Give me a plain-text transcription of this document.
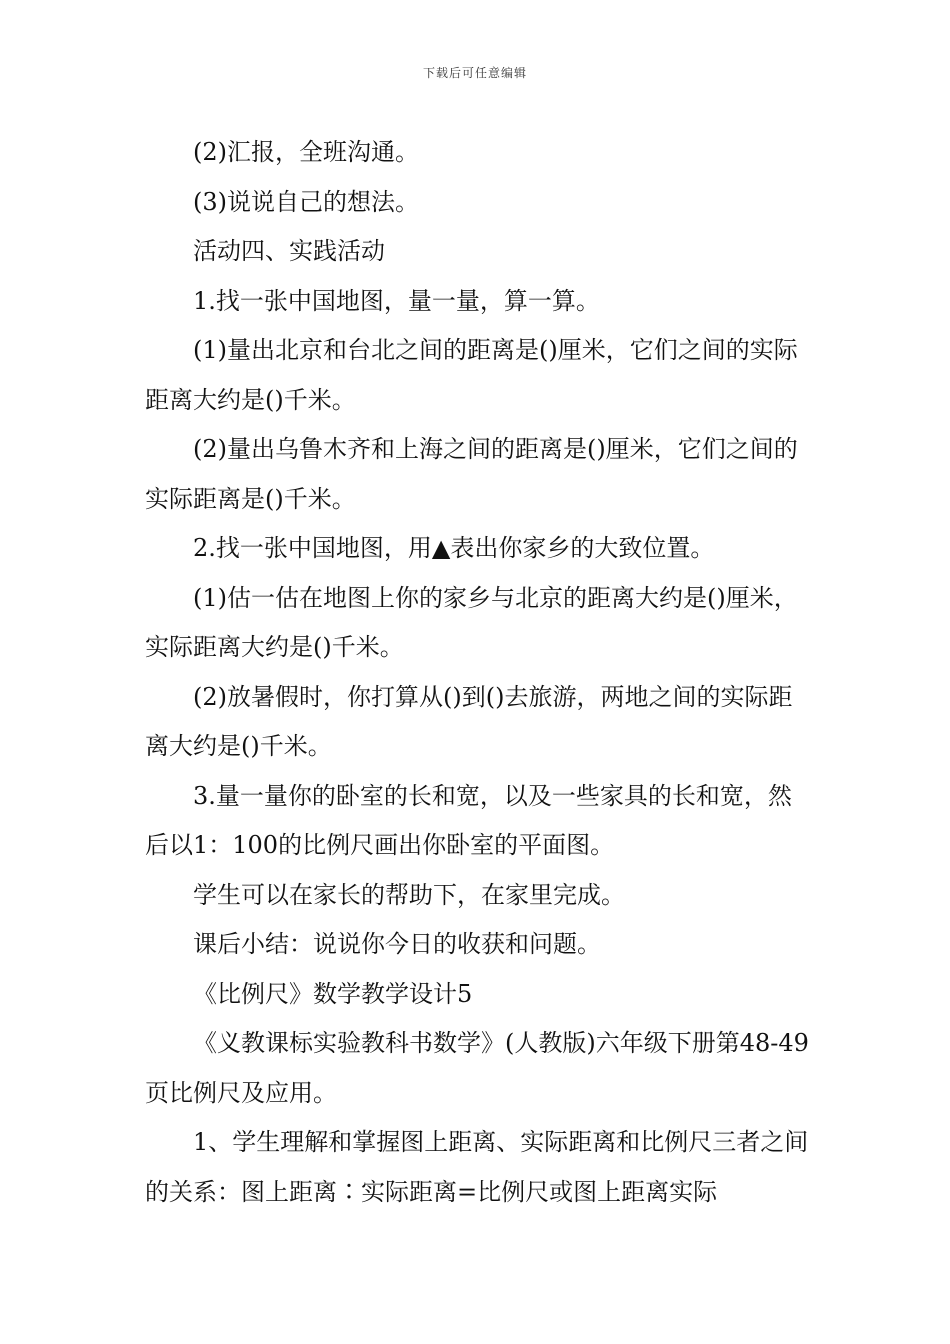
下载后可任意编辑

(2)汇报，全班沟通。

(3)说说自己的想法。

活动四、实践活动

1.找一张中国地图，量一量，算一算。

(1)量出北京和台北之间的距离是()厘米，它们之间的实际距离大约是()千米。

(2)量出乌鲁木齐和上海之间的距离是()厘米，它们之间的实际距离是()千米。

2.找一张中国地图，用▲表出你家乡的大致位置。

(1)估一估在地图上你的家乡与北京的距离大约是()厘米，实际距离大约是()千米。

(2)放暑假时，你打算从()到()去旅游，两地之间的实际距离大约是()千米。

3.量一量你的卧室的长和宽，以及一些家具的长和宽，然后以1：100的比例尺画出你卧室的平面图。

学生可以在家长的帮助下，在家里完成。

课后小结：说说你今日的收获和问题。

《比例尺》数学教学设计5

《义教课标实验教科书数学》(人教版)六年级下册第48-49页比例尺及应用。

1、学生理解和掌握图上距离、实际距离和比例尺三者之间的关系：图上距离∶实际距离=比例尺或图上距离实际
